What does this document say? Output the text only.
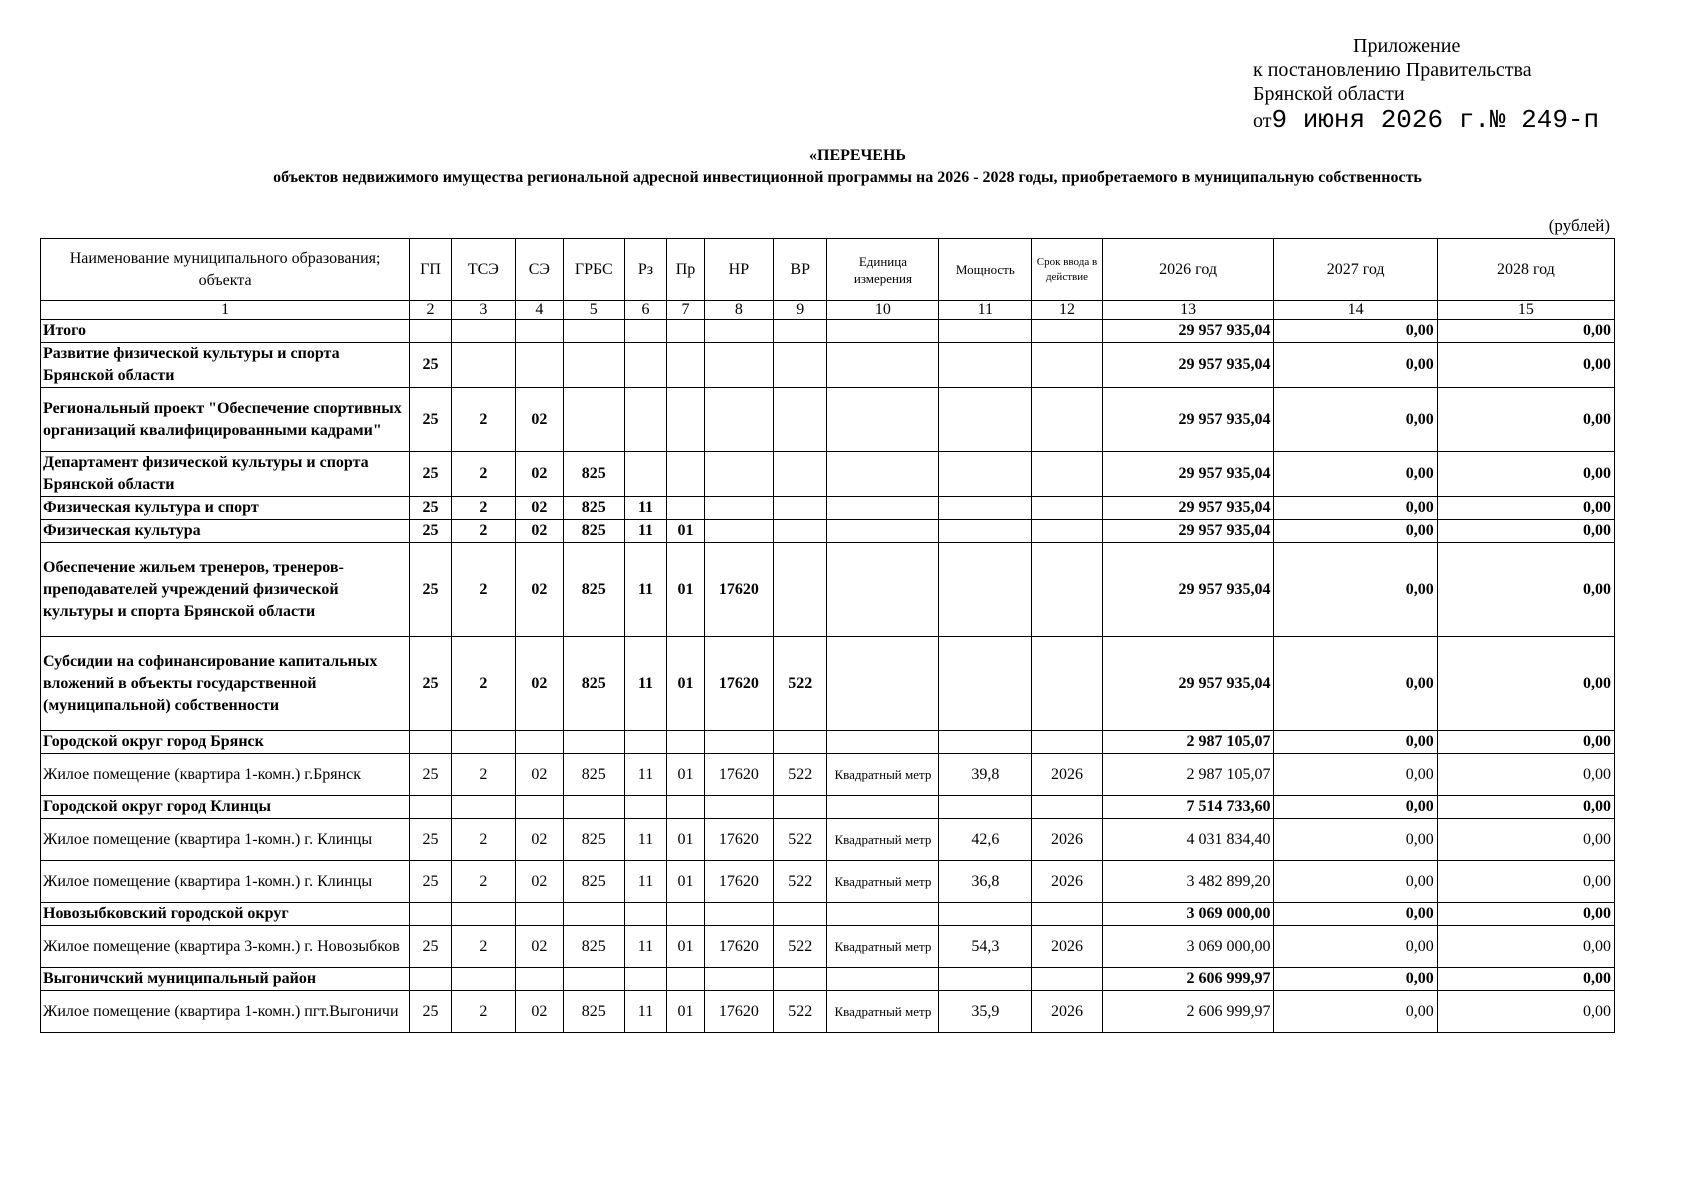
Приложение
к постановлению Правительства
Брянской области
от9 июня 2026 г.№ 249-п
«ПЕРЕЧЕНЬ
объектов недвижимого имущества региональной адресной инвестиционной программы на 2026 - 2028 годы, приобретаемого в муниципальную собственность
(рублей)
Наименование муниципального образования; объекта	ГП	ТСЭ	СЭ	ГРБС	Рз	Пр	НР	ВР	Единица измерения	Мощность	Срок ввода в действие	2026 год	2027 год	2028 год
1	2	3	4	5	6	7	8	9	10	11	12	13	14	15
Итого												29 957 935,04	0,00	0,00
Развитие физической культуры и спорта Брянской области	25											29 957 935,04	0,00	0,00
Региональный проект "Обеспечение спортивных организаций квалифицированными кадрами"	25	2	02									29 957 935,04	0,00	0,00
Департамент физической культуры и спорта Брянской области	25	2	02	825								29 957 935,04	0,00	0,00
Физическая культура и спорт	25	2	02	825	11							29 957 935,04	0,00	0,00
Физическая культура	25	2	02	825	11	01						29 957 935,04	0,00	0,00
Обеспечение жильем тренеров, тренеров-преподавателей учреждений физической культуры и спорта Брянской области	25	2	02	825	11	01	17620					29 957 935,04	0,00	0,00
Субсидии на софинансирование капитальных вложений в объекты государственной (муниципальной) собственности	25	2	02	825	11	01	17620	522				29 957 935,04	0,00	0,00
Городской округ город Брянск												2 987 105,07	0,00	0,00
Жилое помещение (квартира 1-комн.) г.Брянск	25	2	02	825	11	01	17620	522	Квадратный метр	39,8	2026	2 987 105,07	0,00	0,00
Городской округ город Клинцы												7 514 733,60	0,00	0,00
Жилое помещение (квартира 1-комн.) г. Клинцы	25	2	02	825	11	01	17620	522	Квадратный метр	42,6	2026	4 031 834,40	0,00	0,00
Жилое помещение (квартира 1-комн.) г. Клинцы	25	2	02	825	11	01	17620	522	Квадратный метр	36,8	2026	3 482 899,20	0,00	0,00
Новозыбковский городской округ												3 069 000,00	0,00	0,00
Жилое помещение (квартира 3-комн.) г. Новозыбков	25	2	02	825	11	01	17620	522	Квадратный метр	54,3	2026	3 069 000,00	0,00	0,00
Выгоничский муниципальный район												2 606 999,97	0,00	0,00
Жилое помещение (квартира 1-комн.) пгт.Выгоничи	25	2	02	825	11	01	17620	522	Квадратный метр	35,9	2026	2 606 999,97	0,00	0,00
